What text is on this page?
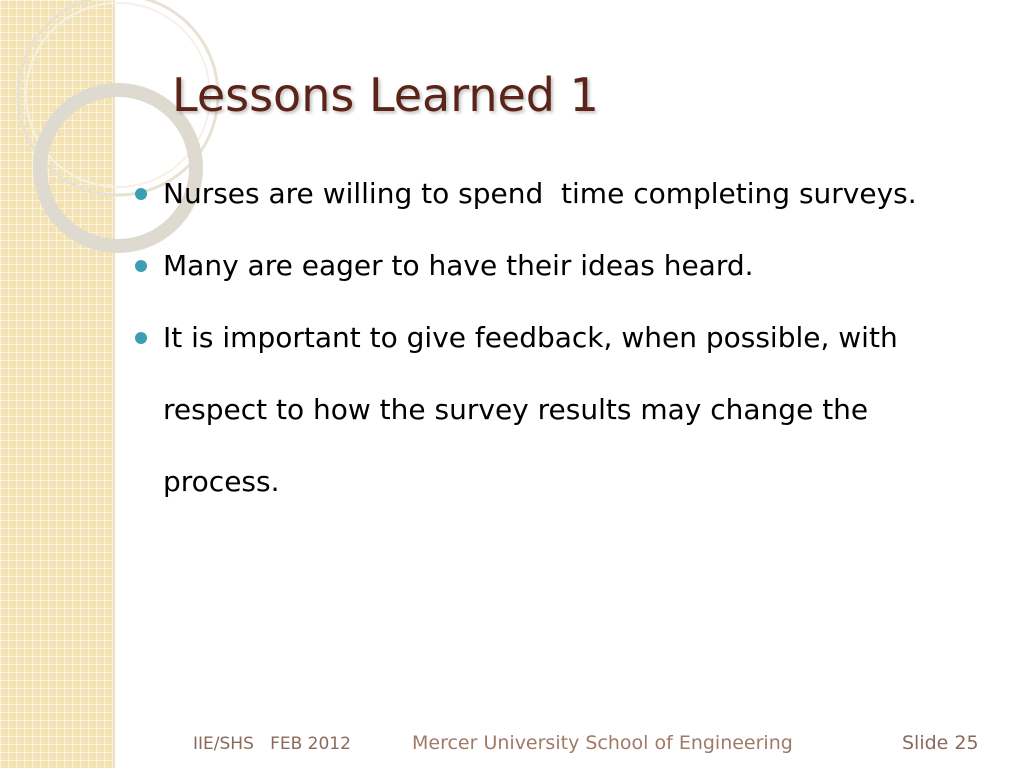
Lessons Learned 1
Nurses are willing to spend  time completing surveys.
Many are eager to have their ideas heard.
It is important to give feedback, when possible, with respect to how the survey results may change the process.
IIE/SHS   FEB 2012	Mercer University School of Engineering	Slide 25
